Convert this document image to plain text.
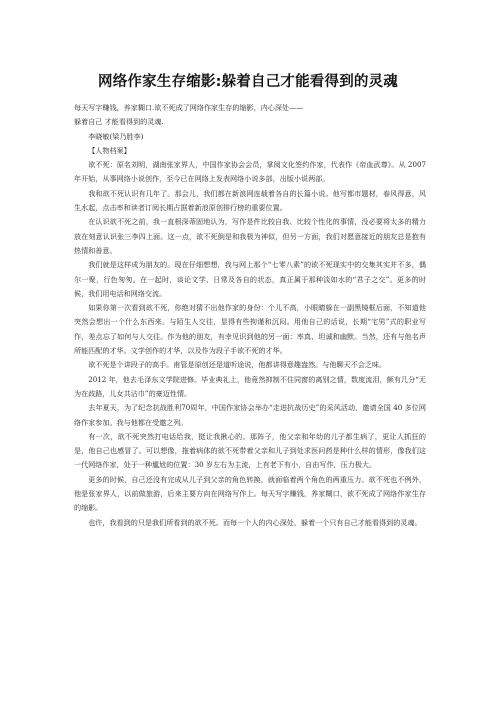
网络作家生存缩影:躲着自己才能看得到的灵魂

每天写字赚钱，养家糊口.欲不死成了网络作家生存的缩影，内心深处——

躲着自己 才能看得到的灵魂.

李晓敏(梁乃胜李)

【人物档案】

欲不死：原名刘明，湖南张家界人，中国作家协会会员，掌阅文化签约作家，代表作《帝血武尊》。从 2007 年开始，从事网络小说创作，至今已在网络上发表网络小说多部，出版小说两部。

我和欲不死认识有几年了。那会儿，我们都在新浪网连载着各自的长篇小说。他写都市题材，春风得意，风生水起，点击率和读者订阅长期占据着新浪原创排行榜的重要位置。

在认识欲不死之前，我一直根深蒂固地认为，写作是件比较自我、比较个性化的事情，没必要将太多的精力放在刻意认识张三李四上面。这一点，欲不死倒是和我极为神似，但另一方面，我们对愿意接近的朋友总是抱有热情和善意。

我们就是这样成为朋友的。现在仔细想想，我与网上那个“七零八素”的欲不死现实中的交集其实并不多，偶尔一聚，行色匆匆。在一起时，谈论文学、日常及各自的状态，真正属于那种淡如水的“君子之交”。更多的时候，我们用电话和网络交流。

如果你第一次看到欲不死，你绝对猜不出他作家的身份：个儿不高，小眼睛躲在一副黑镜框后面，不知道他突然会想出一个什么东西来。与陌生人交往，显得有些拘谨和沉闷。用他自己的话说，长期“宅男”式的职业写作，差点忘了如何与人交往。作为他的朋友，有幸见识到他的另一面：率真、坦诚和幽默。当然，还有与他名声所能匹配的才华。文学创作的才华，以及作为段子手欲不死的才华。

欲不死是个讲段子的高手。甫管是原创还是道听途说，他都讲得意趣盎然。与他聊天不会乏味。

2012 年，他去毛泽东文学院进修。毕业典礼上，他竟然抑制不住同窗的离别之情，数度流泪，颇有几分“无为在歧路，儿女共沾巾”的豪迈性情。

去年夏天，为了纪念抗战胜利70周年，中国作家协会举办“走进抗战历史”的采风活动，邀请全国 40 多位网络作家参加。我与他都在受邀之列。

有一次，欲不死突然打电话给我，挺让我揪心的。那阵子，他父亲和年幼的儿子都生病了，更让人抓狂的是，他自己也感冒了。可以想像，拖着病体的欲不死带着父亲和儿子到处求医问药是种什么样的情形，像我们这一代网络作家，处于一种尴尬的位置：30 岁左右为主流，上有老下有小，自由写作，压力极大。

更多的时候，自己还没有完成从儿子到父亲的角色转换，就面临着两个角色的两重压力。欲不死也不例外，他是张家界人，以前做旅游，后来主要方向在网络写作上。每天写字赚钱，养家糊口，欲不死成了网络作家生存的缩影。

也许，我看到的只是我们所看到的欲不死。而每一个人的内心深处，躲着一个只有自己才能看得到的灵魂。
